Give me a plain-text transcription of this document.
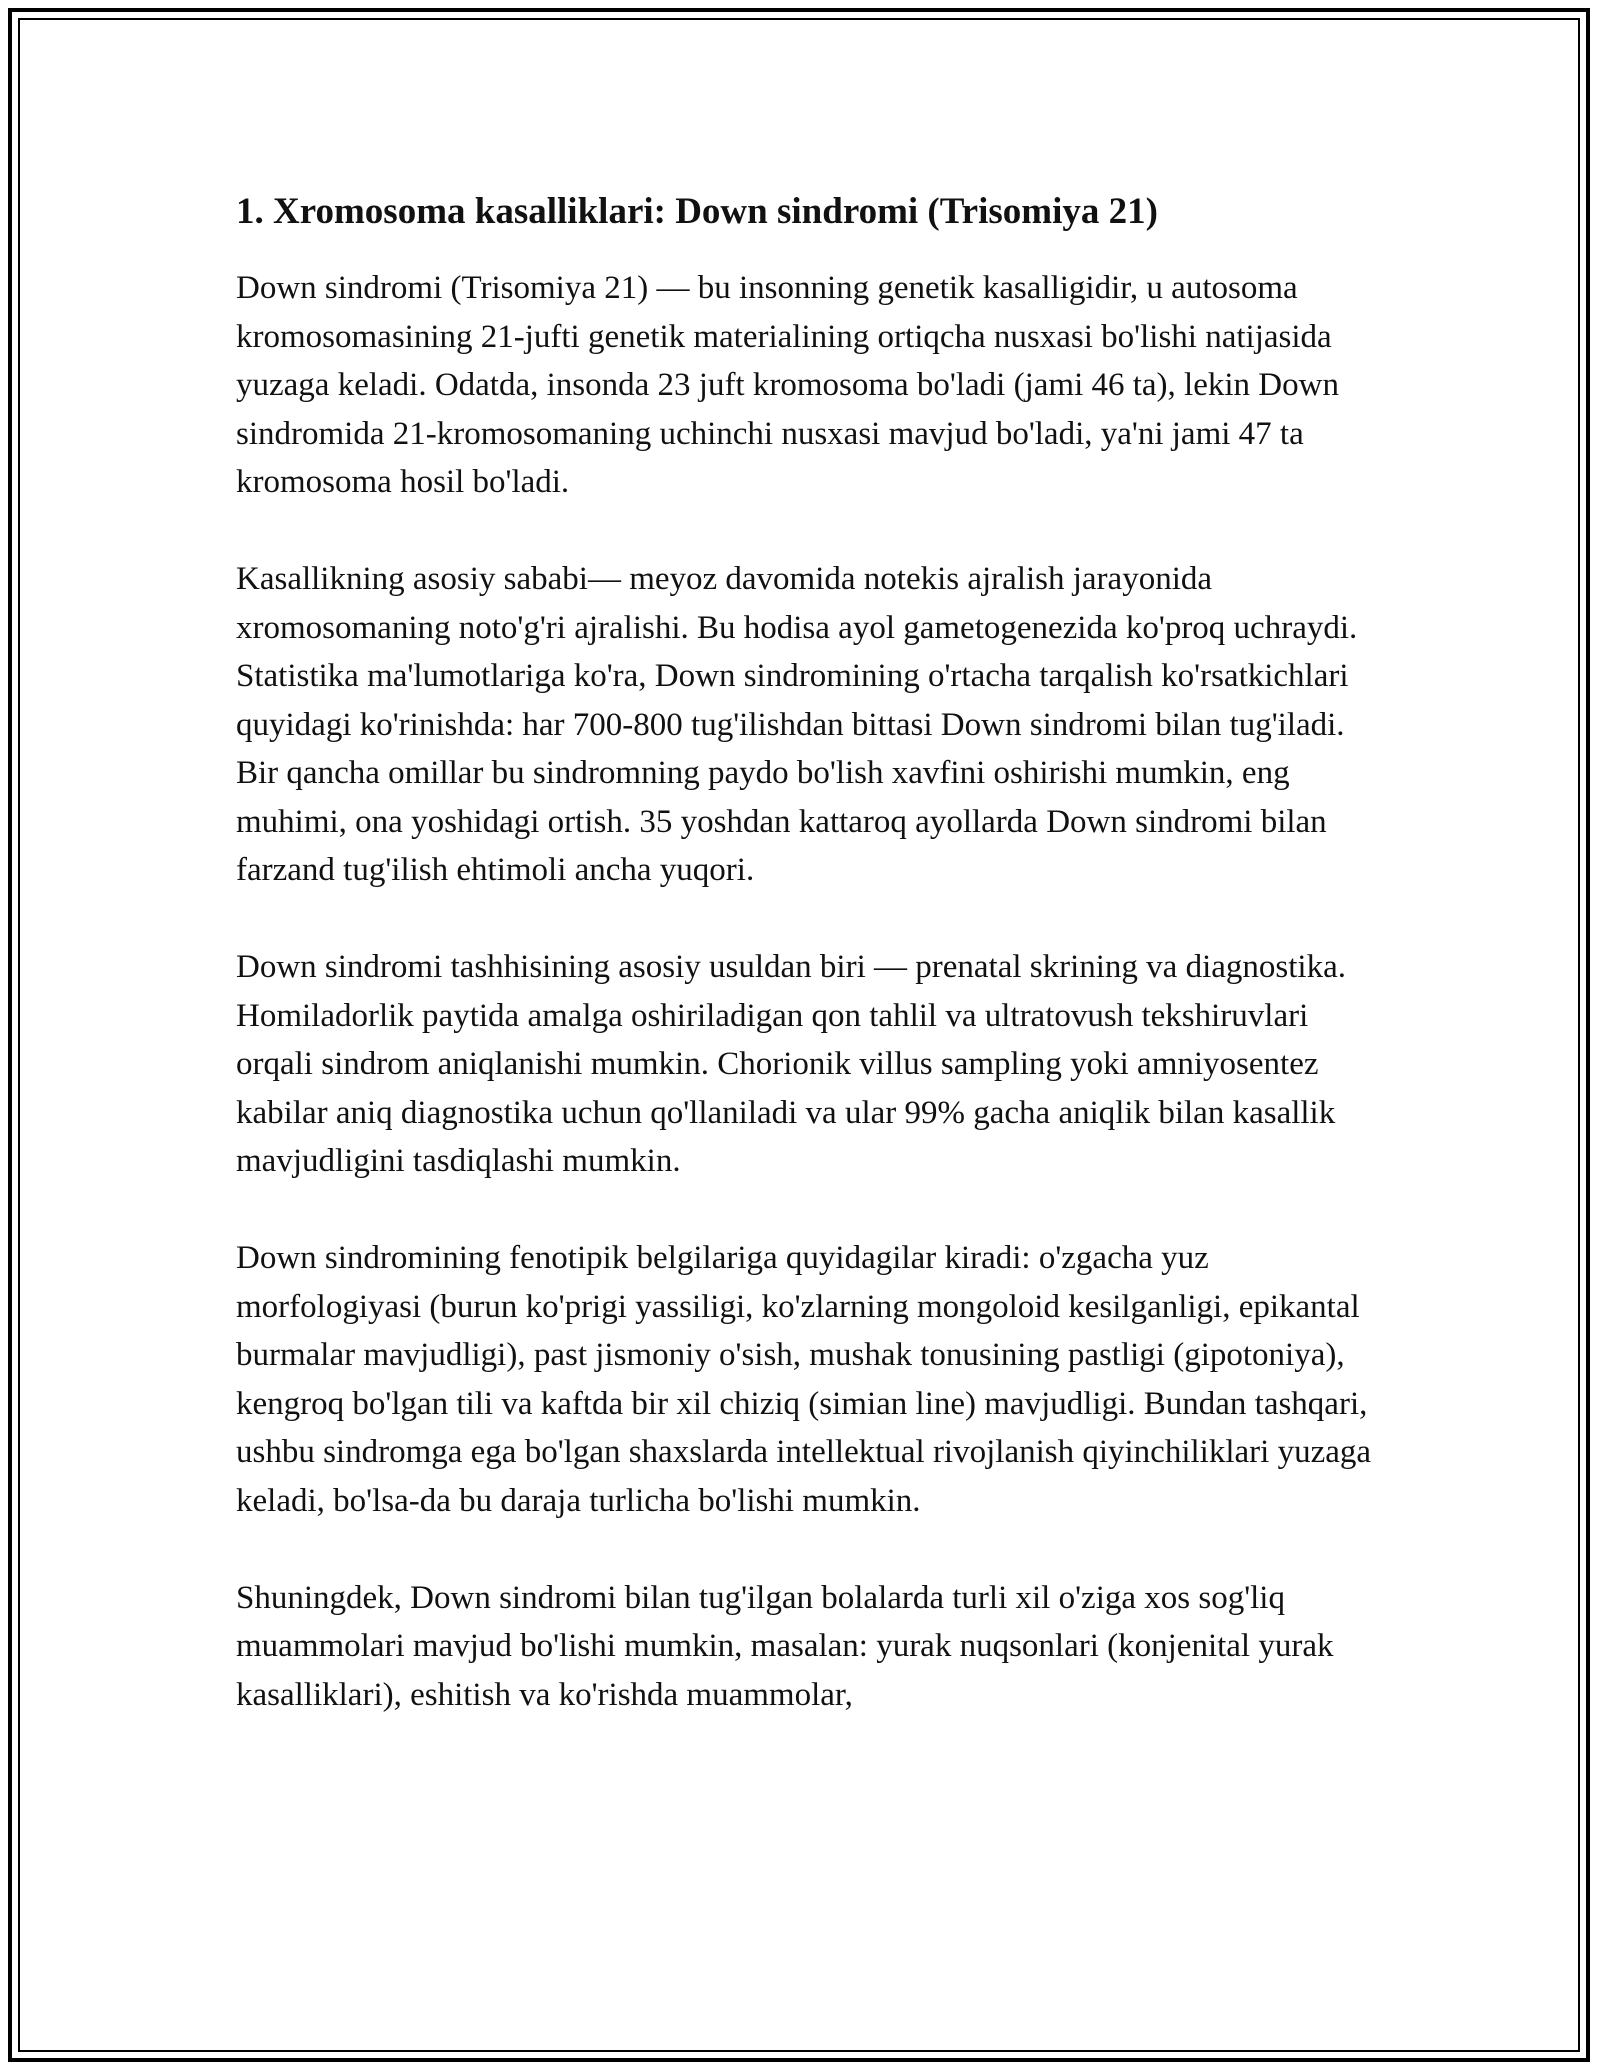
1. Xromosoma kasalliklari: Down sindromi (Trisomiya 21)

Down sindromi (Trisomiya 21) — bu insonning genetik kasalligidir, u autosoma kromosomasining 21-jufti genetik materialining ortiqcha nusxasi bo'lishi natijasida yuzaga keladi. Odatda, insonda 23 juft kromosoma bo'ladi (jami 46 ta), lekin Down sindromida 21-kromosomaning uchinchi nusxasi mavjud bo'ladi, ya'ni jami 47 ta kromosoma hosil bo'ladi.

Kasallikning asosiy sababi— meyoz davomida notekis ajralish jarayonida xromosomaning noto'g'ri ajralishi. Bu hodisa ayol gametogenezida ko'proq uchraydi. Statistika ma'lumotlariga ko'ra, Down sindromining o'rtacha tarqalish ko'rsatkichlari quyidagi ko'rinishda: har 700-800 tug'ilishdan bittasi Down sindromi bilan tug'iladi. Bir qancha omillar bu sindromning paydo bo'lish xavfini oshirishi mumkin, eng muhimi, ona yoshidagi ortish. 35 yoshdan kattaroq ayollarda Down sindromi bilan farzand tug'ilish ehtimoli ancha yuqori.

Down sindromi tashhisining asosiy usuldan biri — prenatal skrining va diagnostika. Homiladorlik paytida amalga oshiriladigan qon tahlil va ultratovush tekshiruvlari orqali sindrom aniqlanishi mumkin. Chorionik villus sampling yoki amniyosentez kabilar aniq diagnostika uchun qo'llaniladi va ular 99% gacha aniqlik bilan kasallik mavjudligini tasdiqlashi mumkin.

Down sindromining fenotipik belgilariga quyidagilar kiradi: o'zgacha yuz morfologiyasi (burun ko'prigi yassiligi, ko'zlarning mongoloid kesilganligi, epikantal burmalar mavjudligi), past jismoniy o'sish, mushak tonusining pastligi (gipotoniya), kengroq bo'lgan tili va kaftda bir xil chiziq (simian line) mavjudligi. Bundan tashqari, ushbu sindromga ega bo'lgan shaxslarda intellektual rivojlanish qiyinchiliklari yuzaga keladi, bo'lsa-da bu daraja turlicha bo'lishi mumkin.

Shuningdek, Down sindromi bilan tug'ilgan bolalarda turli xil o'ziga xos sog'liq muammolari mavjud bo'lishi mumkin, masalan: yurak nuqsonlari (konjenital yurak kasalliklari), eshitish va ko'rishda muammolar,
